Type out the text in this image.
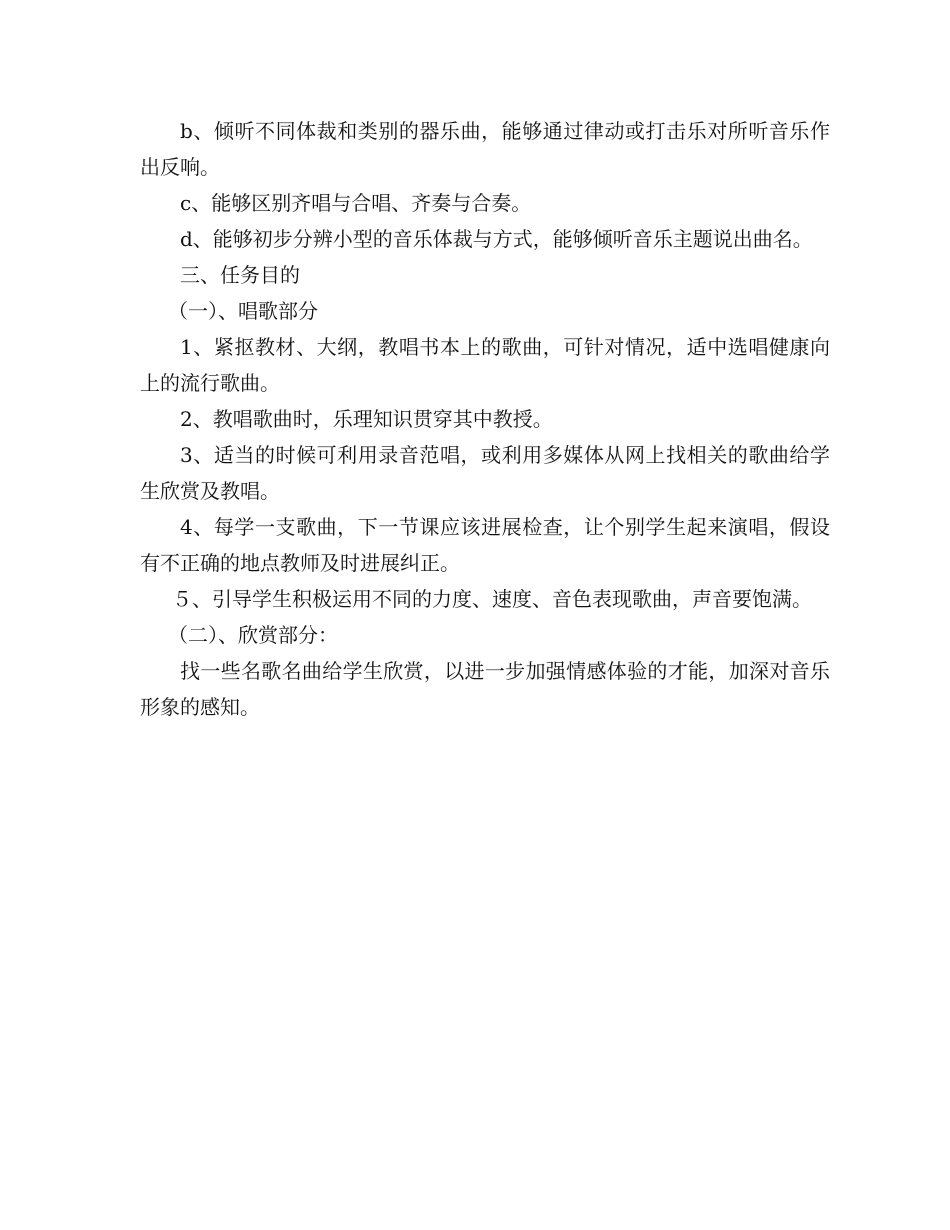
b、倾听不同体裁和类别的器乐曲，能够通过律动或打击乐对所听音乐作出反响。

c、能够区别齐唱与合唱、齐奏与合奏。

d、能够初步分辨小型的音乐体裁与方式，能够倾听音乐主题说出曲名。

三、任务目的

（一）、唱歌部分

1、紧抠教材、大纲，教唱书本上的歌曲，可针对情况，适中选唱健康向上的流行歌曲。

2、教唱歌曲时，乐理知识贯穿其中教授。

3、适当的时候可利用录音范唱，或利用多媒体从网上找相关的歌曲给学生欣赏及教唱。

4、每学一支歌曲，下一节课应该进展检查，让个别学生起来演唱，假设有不正确的地点教师及时进展纠正。

５、引导学生积极运用不同的力度、速度、音色表现歌曲，声音要饱满。

（二）、欣赏部分：

找一些名歌名曲给学生欣赏，以进一步加强情感体验的才能，加深对音乐形象的感知。
